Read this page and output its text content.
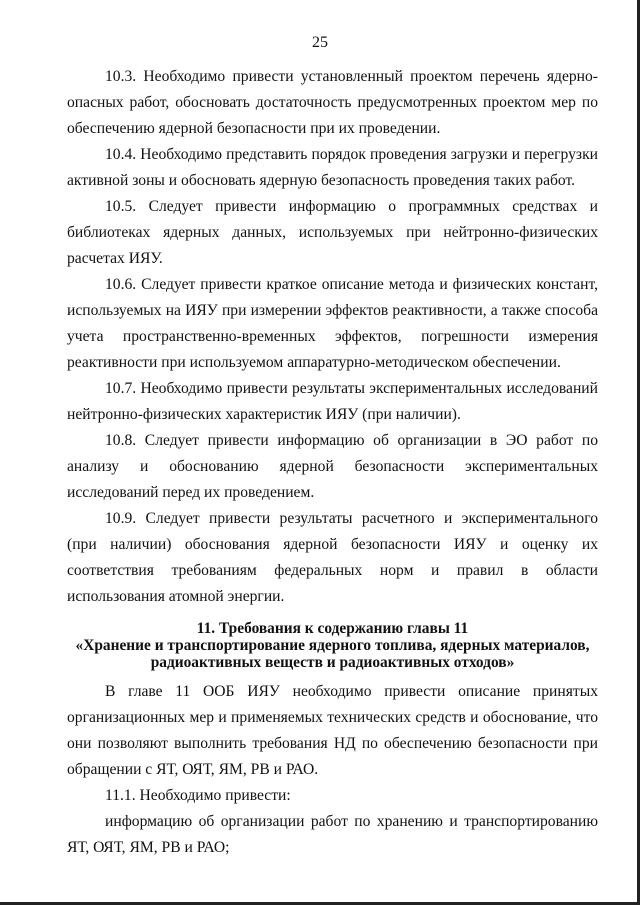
25

10.3. Необходимо привести установленный проектом перечень ядерно-опасных работ, обосновать достаточность предусмотренных проектом мер по обеспечению ядерной безопасности при их проведении.

10.4. Необходимо представить порядок проведения загрузки и перегрузки активной зоны и обосновать ядерную безопасность проведения таких работ.

10.5. Следует привести информацию о программных средствах и библиотеках ядерных данных, используемых при нейтронно-физических расчетах ИЯУ.

10.6. Следует привести краткое описание метода и физических констант, используемых на ИЯУ при измерении эффектов реактивности, а также способа учета пространственно-временных эффектов, погрешности измерения реактивности при используемом аппаратурно-методическом обеспечении.

10.7. Необходимо привести результаты экспериментальных исследований нейтронно-физических характеристик ИЯУ (при наличии).

10.8. Следует привести информацию об организации в ЭО работ по анализу и обоснованию ядерной безопасности экспериментальных исследований перед их проведением.

10.9. Следует привести результаты расчетного и экспериментального (при наличии) обоснования ядерной безопасности ИЯУ и оценку их соответствия требованиям федеральных норм и правил в области использования атомной энергии.

11. Требования к содержанию главы 11
«Хранение и транспортирование ядерного топлива, ядерных материалов,
радиоактивных веществ и радиоактивных отходов»

В главе 11 ООБ ИЯУ необходимо привести описание принятых организационных мер и применяемых технических средств и обоснование, что они позволяют выполнить требования НД по обеспечению безопасности при обращении с ЯТ, ОЯТ, ЯМ, РВ и РАО.

11.1. Необходимо привести:

информацию об организации работ по хранению и транспортированию ЯТ, ОЯТ, ЯМ, РВ и РАО;
